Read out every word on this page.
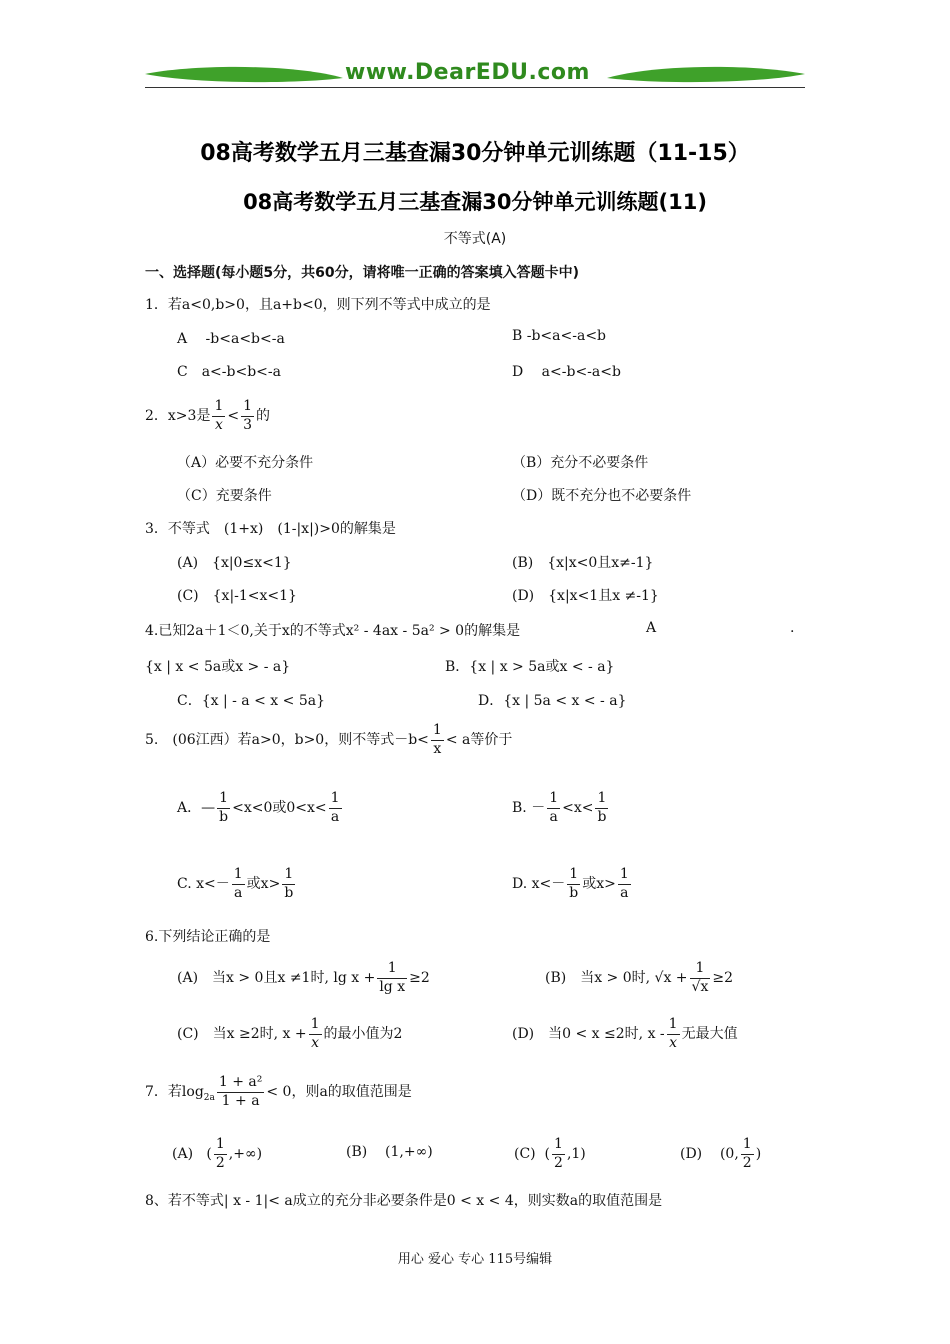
www.DearEDU.com
08高考数学五月三基查漏30分钟单元训练题（11-15）
08高考数学五月三基查漏30分钟单元训练题(11)
不等式(A)
一、选择题(每小题5分，共60分，请将唯一正确的答案填入答题卡中)
1．若a<0,b>0，且a+b<0，则下列不等式中成立的是
A　 -b<a<b<-a	B -b<a<-a<b
C　a<-b<b<-a	D　 a<-b<-a<b
2．x>3是 $\frac{1}{x} < \frac{1}{3}$ 的
（A）必要不充分条件	（B）充分不必要条件
（C）充要条件	（D）既不充分也不必要条件
3．不等式　(1+x)　(1-|x|)>0的解集是
(A)　{x|0≤x<1}	(B)　{x|x<0且x≠-1}
(C)　{x|-1<x<1}	(D)　{x|x<1且x ≠-1}
4.已知2a＋1＜0,关于x的不等式x² - 4ax - 5a² > 0的解集是	A	.
{x | x < 5a或x > - a}	B．{x | x > 5a或x < - a}
C．{x | - a < x < 5a}	D．{x | 5a < x < - a}
5.　(06江西）若a>0，b>0，则不等式$-b< \frac{1}{x} < a$等价于
A．— $\frac{1}{b} <x<0$或$0<x< \frac{1}{a}$	B. － $\frac{1}{a} <x< \frac{1}{b}$
C. $x<- \frac{1}{a}$ 或$x> \frac{1}{b}$	D. $x<- \frac{1}{b}$ 或$x> \frac{1}{a}$
6.下列结论正确的是
(A)　当x > 0且x ≠1时, $\lg x + \frac{1}{\text{lg x}} \ge 2$	(B)　当x > 0时, $√x + \frac{1}{√x} \ge 2$
(C)　当x ≥2时, $x + \frac{1}{x}$ 的最小值为2	(D)　当0 < x ≤2时, x - $\frac{1}{x}$ 无最大值
7．若$\log_{2a} \frac{\text{1 + a²}}{1 + a} < 0$，则a的取值范围是
(A) ( $\frac{1}{2}$ ,+∞)	(B) (1,+∞)	(C) ( $\frac{1}{2} ,1$)	(D) (0, $\frac{1}{2}$ )
8、若不等式| x - 1|< a成立的充分非必要条件是0 < x < 4，则实数a的取值范围是
用心 爱心 专心 115号编辑
